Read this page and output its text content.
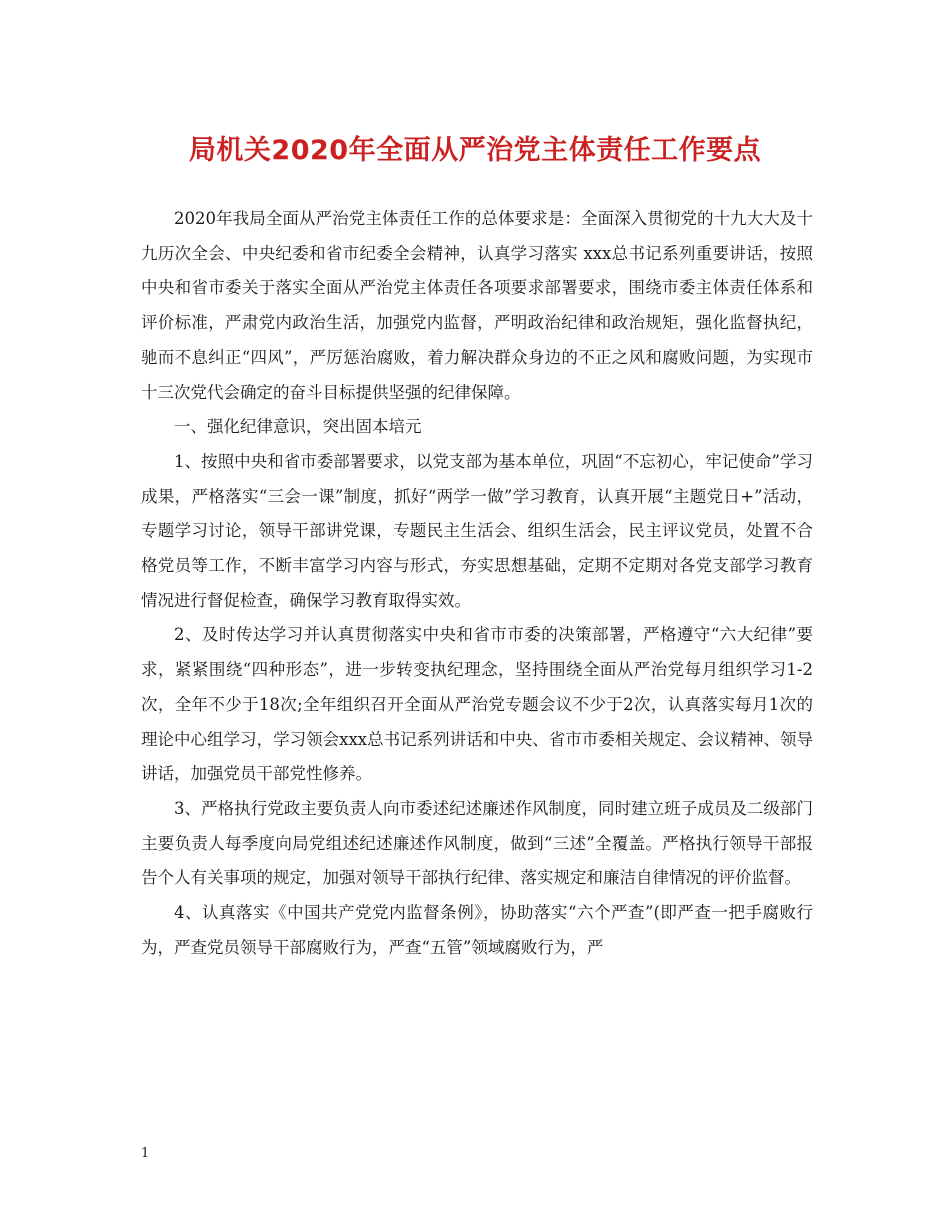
局机关2020年全面从严治党主体责任工作要点

2020年我局全面从严治党主体责任工作的总体要求是：全面深入贯彻党的十九大大及十九历次全会、中央纪委和省市纪委全会精神，认真学习落实 xxx总书记系列重要讲话，按照中央和省市委关于落实全面从严治党主体责任各项要求部署要求，围绕市委主体责任体系和评价标准，严肃党内政治生活，加强党内监督，严明政治纪律和政治规矩，强化监督执纪，驰而不息纠正“四风”，严厉惩治腐败，着力解决群众身边的不正之风和腐败问题，为实现市十三次党代会确定的奋斗目标提供坚强的纪律保障。

一、强化纪律意识，突出固本培元

1、按照中央和省市委部署要求，以党支部为基本单位，巩固“不忘初心，牢记使命”学习成果，严格落实“三会一课”制度，抓好“两学一做”学习教育，认真开展“主题党日+”活动，专题学习讨论，领导干部讲党课，专题民主生活会、组织生活会，民主评议党员，处置不合格党员等工作，不断丰富学习内容与形式，夯实思想基础，定期不定期对各党支部学习教育情况进行督促检查，确保学习教育取得实效。

2、及时传达学习并认真贯彻落实中央和省市市委的决策部署，严格遵守“六大纪律”要求，紧紧围绕“四种形态”，进一步转变执纪理念，坚持围绕全面从严治党每月组织学习1-2次，全年不少于18次;全年组织召开全面从严治党专题会议不少于2次，认真落实每月1次的理论中心组学习，学习领会xxx总书记系列讲话和中央、省市市委相关规定、会议精神、领导讲话，加强党员干部党性修养。

3、严格执行党政主要负责人向市委述纪述廉述作风制度，同时建立班子成员及二级部门主要负责人每季度向局党组述纪述廉述作风制度，做到“三述”全覆盖。严格执行领导干部报告个人有关事项的规定，加强对领导干部执行纪律、落实规定和廉洁自律情况的评价监督。

4、认真落实《中国共产党党内监督条例》，协助落实“六个严查”(即严查一把手腐败行为，严查党员领导干部腐败行为，严查“五管”领域腐败行为，严

1
